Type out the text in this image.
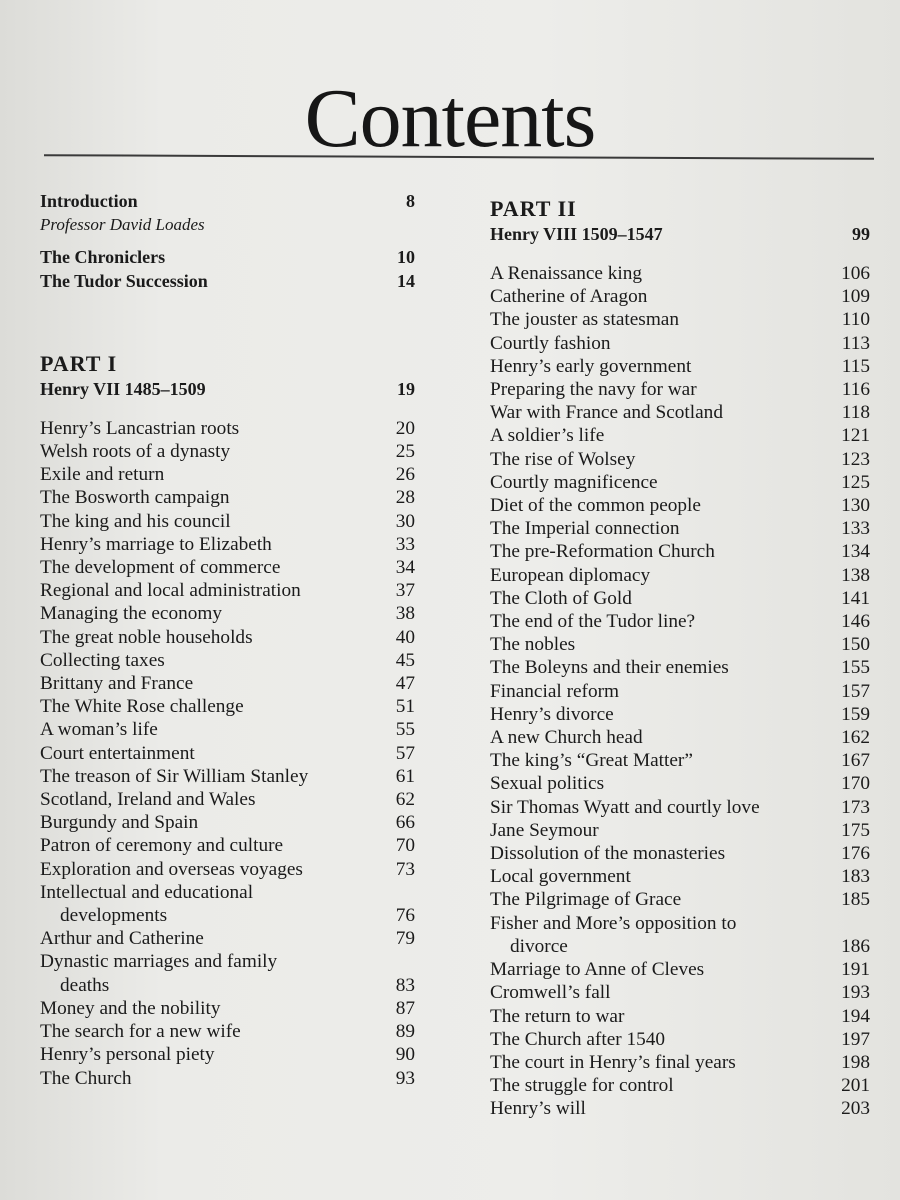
Contents
Introduction	8
Professor David Loades
The Chroniclers	10
The Tudor Succession	14
PART I
Henry VII 1485–1509	19
Henry’s Lancastrian roots	20
Welsh roots of a dynasty	25
Exile and return	26
The Bosworth campaign	28
The king and his council	30
Henry’s marriage to Elizabeth	33
The development of commerce	34
Regional and local administration	37
Managing the economy	38
The great noble households	40
Collecting taxes	45
Brittany and France	47
The White Rose challenge	51
A woman’s life	55
Court entertainment	57
The treason of Sir William Stanley	61
Scotland, Ireland and Wales	62
Burgundy and Spain	66
Patron of ceremony and culture	70
Exploration and overseas voyages	73
Intellectual and educational
developments	76
Arthur and Catherine	79
Dynastic marriages and family
deaths	83
Money and the nobility	87
The search for a new wife	89
Henry’s personal piety	90
The Church	93
PART II
Henry VIII 1509–1547	99
A Renaissance king	106
Catherine of Aragon	109
The jouster as statesman	110
Courtly fashion	113
Henry’s early government	115
Preparing the navy for war	116
War with France and Scotland	118
A soldier’s life	121
The rise of Wolsey	123
Courtly magnificence	125
Diet of the common people	130
The Imperial connection	133
The pre-Reformation Church	134
European diplomacy	138
The Cloth of Gold	141
The end of the Tudor line?	146
The nobles	150
The Boleyns and their enemies	155
Financial reform	157
Henry’s divorce	159
A new Church head	162
The king’s “Great Matter”	167
Sexual politics	170
Sir Thomas Wyatt and courtly love	173
Jane Seymour	175
Dissolution of the monasteries	176
Local government	183
The Pilgrimage of Grace	185
Fisher and More’s opposition to
divorce	186
Marriage to Anne of Cleves	191
Cromwell’s fall	193
The return to war	194
The Church after 1540	197
The court in Henry’s final years	198
The struggle for control	201
Henry’s will	203
